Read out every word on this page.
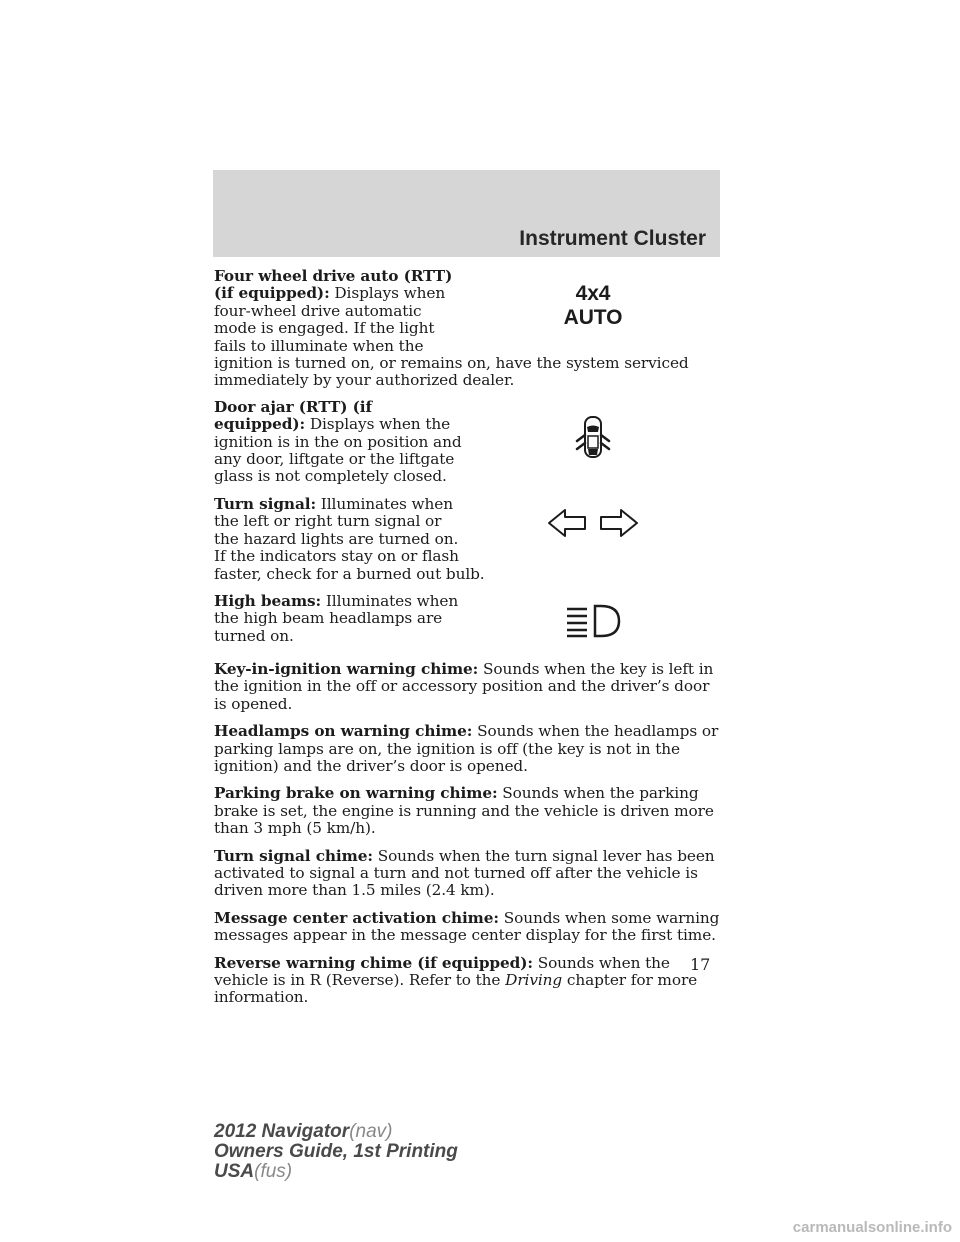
Instrument Cluster

4x4
AUTO
Four wheel drive auto (RTT) (if equipped): Displays when four-wheel drive automatic mode is engaged. If the light fails to illuminate when the ignition is turned on, or remains on, have the system serviced immediately by your authorized dealer.

Door ajar (RTT) (if equipped): Displays when the ignition is in the on position and any door, liftgate or the liftgate glass is not completely closed.

Turn signal: Illuminates when the left or right turn signal or the hazard lights are turned on. If the indicators stay on or flash faster, check for a burned out bulb.

High beams: Illuminates when the high beam headlamps are turned on.

Key-in-ignition warning chime: Sounds when the key is left in the ignition in the off or accessory position and the driver’s door is opened.

Headlamps on warning chime: Sounds when the headlamps or parking lamps are on, the ignition is off (the key is not in the ignition) and the driver’s door is opened.

Parking brake on warning chime: Sounds when the parking brake is set, the engine is running and the vehicle is driven more than 3 mph (5 km/h).

Turn signal chime: Sounds when the turn signal lever has been activated to signal a turn and not turned off after the vehicle is driven more than 1.5 miles (2.4 km).

Message center activation chime: Sounds when some warning messages appear in the message center display for the first time.

Reverse warning chime (if equipped): Sounds when the vehicle is in R (Reverse). Refer to the Driving chapter for more information.

17
2012 Navigator(nav)
Owners Guide, 1st Printing
USA(fus)
carmanualsonline.info
